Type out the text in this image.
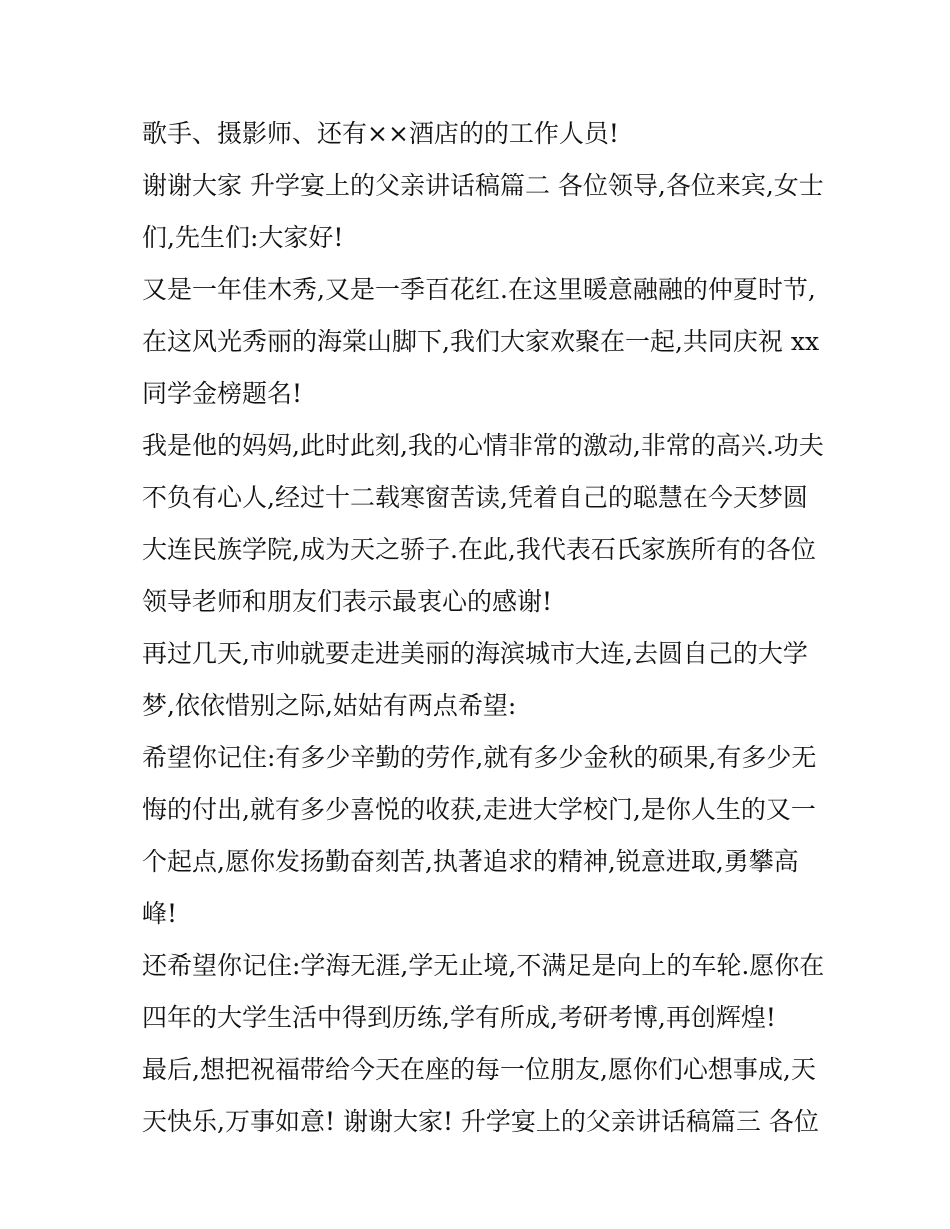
歌手、摄影师、还有××酒店的的工作人员!
谢谢大家 升学宴上的父亲讲话稿篇二 各位领导,各位来宾,女士
们,先生们:大家好!
又是一年佳木秀,又是一季百花红.在这里暖意融融的仲夏时节,
在这风光秀丽的海棠山脚下,我们大家欢聚在一起,共同庆祝 xx
同学金榜题名!
我是他的妈妈,此时此刻,我的心情非常的激动,非常的高兴.功夫
不负有心人,经过十二载寒窗苦读,凭着自己的聪慧在今天梦圆
大连民族学院,成为天之骄子.在此,我代表石氏家族所有的各位
领导老师和朋友们表示最衷心的感谢!
再过几天,市帅就要走进美丽的海滨城市大连,去圆自己的大学
梦,依依惜别之际,姑姑有两点希望:
希望你记住:有多少辛勤的劳作,就有多少金秋的硕果,有多少无
悔的付出,就有多少喜悦的收获,走进大学校门,是你人生的又一
个起点,愿你发扬勤奋刻苦,执著追求的精神,锐意进取,勇攀高
峰!
还希望你记住:学海无涯,学无止境,不满足是向上的车轮.愿你在
四年的大学生活中得到历练,学有所成,考研考博,再创辉煌!
最后,想把祝福带给今天在座的每一位朋友,愿你们心想事成,天
天快乐,万事如意! 谢谢大家! 升学宴上的父亲讲话稿篇三 各位
